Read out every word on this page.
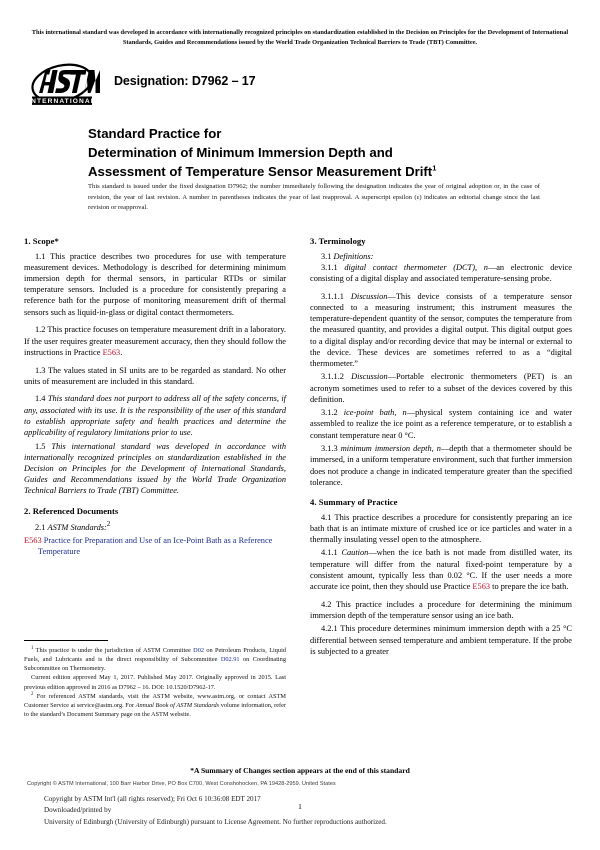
This international standard was developed in accordance with internationally recognized principles on standardization established in the Decision on Principles for the Development of International Standards, Guides and Recommendations issued by the World Trade Organization Technical Barriers to Trade (TBT) Committee.
INTERNATIONAL
Designation: D7962 – 17
Standard Practice for
Determination of Minimum Immersion Depth and
Assessment of Temperature Sensor Measurement Drift$^1$
This standard is issued under the fixed designation D7962; the number immediately following the designation indicates the year of original adoption or, in the case of revision, the year of last revision. A number in parentheses indicates the year of last reapproval. A superscript epsilon (ε) indicates an editorial change since the last revision or reapproval.
1. Scope*

1.1 This practice describes two procedures for use with temperature measurement devices. Methodology is described for determining minimum immersion depth for thermal sensors, in particular RTDs or similar temperature sensors. Included is a procedure for consistently preparing a reference bath for the purpose of monitoring measurement drift of thermal sensors such as liquid-in-glass or digital contact thermometers.

1.2 This practice focuses on temperature measurement drift in a laboratory. If the user requires greater measurement accuracy, then they should follow the instructions in Practice E563.

1.3 The values stated in SI units are to be regarded as standard. No other units of measurement are included in this standard.

1.4 This standard does not purport to address all of the safety concerns, if any, associated with its use. It is the responsibility of the user of this standard to establish appropriate safety and health practices and determine the applicability of regulatory limitations prior to use.

1.5 This international standard was developed in accordance with internationally recognized principles on standardization established in the Decision on Principles for the Development of International Standards, Guides and Recommendations issued by the World Trade Organization Technical Barriers to Trade (TBT) Committee.

2. Referenced Documents

2.1 ASTM Standards:$^2$

E563 Practice for Preparation and Use of an Ice-Point Bath as a Reference Temperature

3. Terminology

3.1 Definitions:

3.1.1 digital contact thermometer (DCT), n—an electronic device consisting of a digital display and associated temperature-sensing probe.

3.1.1.1 Discussion—This device consists of a temperature sensor connected to a measuring instrument; this instrument measures the temperature-dependent quantity of the sensor, computes the temperature from the measured quantity, and provides a digital output. This digital output goes to a digital display and/or recording device that may be internal or external to the device. These devices are sometimes referred to as a “digital thermometer.”

3.1.1.2 Discussion—Portable electronic thermometers (PET) is an acronym sometimes used to refer to a subset of the devices covered by this definition.

3.1.2 ice-point bath, n—physical system containing ice and water assembled to realize the ice point as a reference temperature, or to establish a constant temperature near 0 °C.

3.1.3 minimum immersion depth, n—depth that a thermometer should be immersed, in a uniform temperature environment, such that further immersion does not produce a change in indicated temperature greater than the specified tolerance.

4. Summary of Practice

4.1 This practice describes a procedure for consistently preparing an ice bath that is an intimate mixture of crushed ice or ice particles and water in a thermally insulating vessel open to the atmosphere.

4.1.1 Caution—when the ice bath is not made from distilled water, its temperature will differ from the natural fixed-point temperature by a consistent amount, typically less than 0.02 °C. If the user needs a more accurate ice point, then they should use Practice E563 to prepare the ice bath.

4.2 This practice includes a procedure for determining the minimum immersion depth of the temperature sensor using an ice bath.

4.2.1 This procedure determines minimum immersion depth with a 25 °C differential between sensed temperature and ambient temperature. If the probe is subjected to a greater

$^1$ This practice is under the jurisdiction of ASTM Committee D02 on Petroleum Products, Liquid Fuels, and Lubricants and is the direct responsibility of Subcommittee D02.91 on Coordinating Subcommittee on Thermometry.

Current edition approved May 1, 2017. Published May 2017. Originally approved in 2015. Last previous edition approved in 2016 as D7962 – 16. DOI: 10.1520/D7962-17.

$^2$ For referenced ASTM standards, visit the ASTM website, www.astm.org, or contact ASTM Customer Service at service@astm.org. For Annual Book of ASTM Standards volume information, refer to the standard’s Document Summary page on the ASTM website.

*A Summary of Changes section appears at the end of this standard
Copyright © ASTM International, 100 Barr Harbor Drive, PO Box C700, West Conshohocken, PA 19428-2959. United States
Copyright by ASTM Int'l (all rights reserved); Fri Oct 6 10:36:08 EDT 2017
Downloaded/printed by
University of Edinburgh (University of Edinburgh) pursuant to License Agreement. No further reproductions authorized.
1
